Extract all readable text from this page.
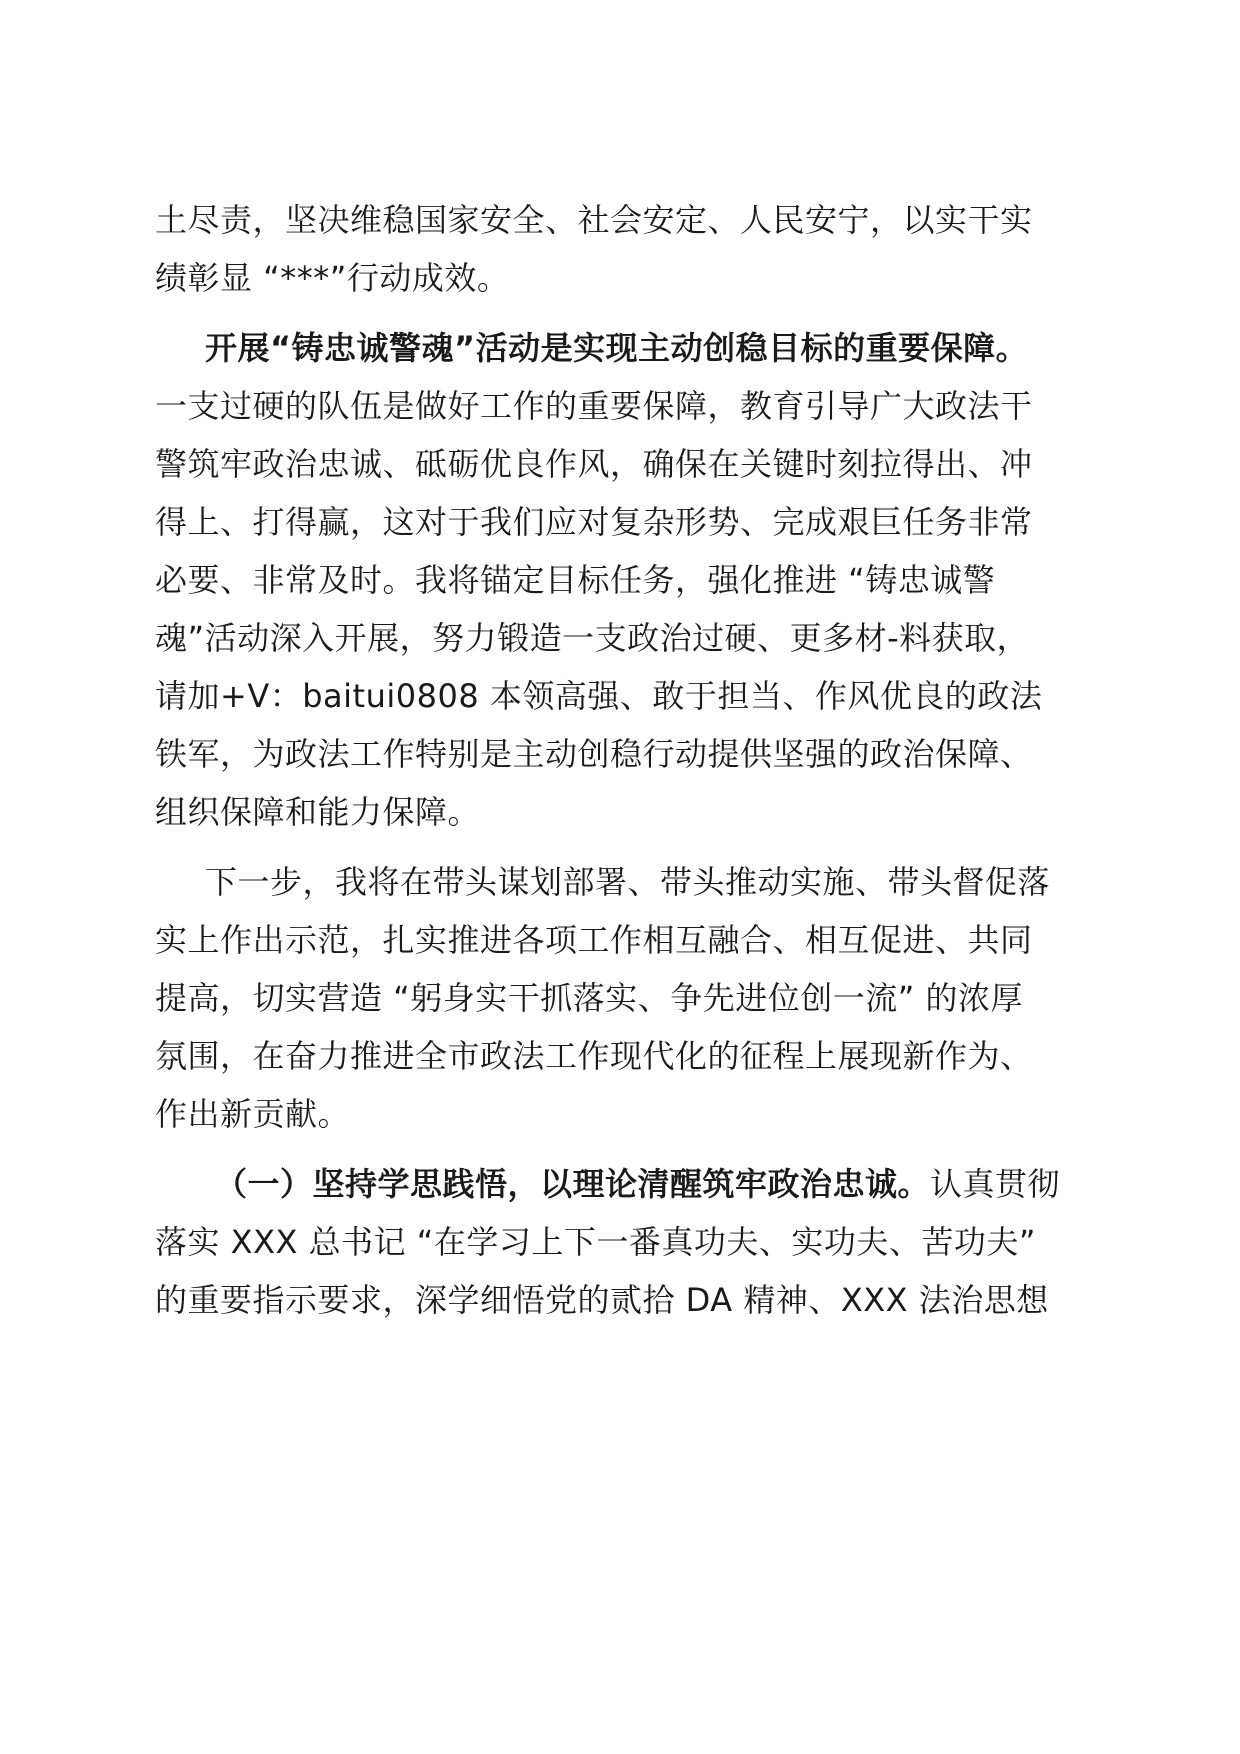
土尽责，坚决维稳国家安全、社会安定、人民安宁，以实干实
绩彰显 “***”行动成效。
开展“铸忠诚警魂”活动是实现主动创稳目标的重要保障。
一支过硬的队伍是做好工作的重要保障，教育引导广大政法干
警筑牢政治忠诚、砥砺优良作风，确保在关键时刻拉得出、冲
得上、打得赢，这对于我们应对复杂形势、完成艰巨任务非常
必要、非常及时。我将锚定目标任务，强化推进 “铸忠诚警
魂”活动深入开展，努力锻造一支政治过硬、更多材-料获取，
请加+V：baitui0808 本领高强、敢于担当、作风优良的政法
铁军，为政法工作特别是主动创稳行动提供坚强的政治保障、
组织保障和能力保障。
下一步，我将在带头谋划部署、带头推动实施、带头督促落
实上作出示范，扎实推进各项工作相互融合、相互促进、共同
提高，切实营造 “躬身实干抓落实、争先进位创一流” 的浓厚
氛围，在奋力推进全市政法工作现代化的征程上展现新作为、
作出新贡献。
（一）坚持学思践悟，以理论清醒筑牢政治忠诚。认真贯彻
落实 XXX 总书记 “在学习上下一番真功夫、实功夫、苦功夫”
的重要指示要求，深学细悟党的贰拾 DA 精神、XXX 法治思想
